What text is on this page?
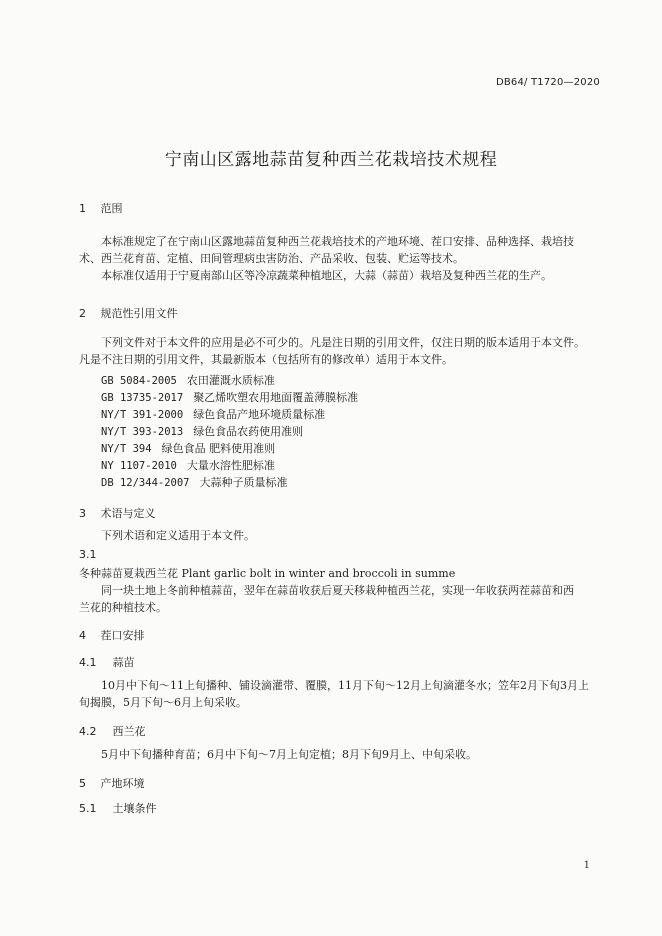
DB64/ T1720—2020
宁南山区露地蒜苗复种西兰花栽培技术规程
1 范围
本标准规定了在宁南山区露地蒜苗复种西兰花栽培技术的产地环境、茬口安排、品种选择、栽培技
术、西兰花育苗、定植、田间管理病虫害防治、产品采收、包装、贮运等技术。
本标准仅适用于宁夏南部山区等冷凉蔬菜种植地区，大蒜（蒜苗）栽培及复种西兰花的生产。
2 规范性引用文件
下列文件对于本文件的应用是必不可少的。凡是注日期的引用文件，仅注日期的版本适用于本文件。
凡是不注日期的引用文件，其最新版本（包括所有的修改单）适用于本文件。
GB 5084-2005 农田灌溉水质标准
GB 13735-2017 聚乙烯吹塑农用地面覆盖薄膜标准
NY/T 391-2000 绿色食品产地环境质量标准
NY/T 393-2013 绿色食品农药使用准则
NY/T 394 绿色食品 肥料使用准则
NY 1107-2010 大量水溶性肥标准
DB 12/344-2007 大蒜种子质量标准
3 术语与定义
下列术语和定义适用于本文件。
3.1
冬种蒜苗夏栽西兰花 Plant garlic bolt in winter and broccoli in summe
同一块土地上冬前种植蒜苗，翌年在蒜苗收获后夏天移栽种植西兰花，实现一年收获两茬蒜苗和西
兰花的种植技术。
4 茬口安排
4.1 蒜苗
10月中下旬～11上旬播种、铺设滴灌带、覆膜，11月下旬～12月上旬滴灌冬水；笠年2月下旬3月上
旬揭膜，5月下旬～6月上旬采收。
4.2 西兰花
5月中下旬播种育苗；6月中下旬～7月上旬定植；8月下旬9月上、中旬采收。
5 产地环境
5.1 土壤条件
1
